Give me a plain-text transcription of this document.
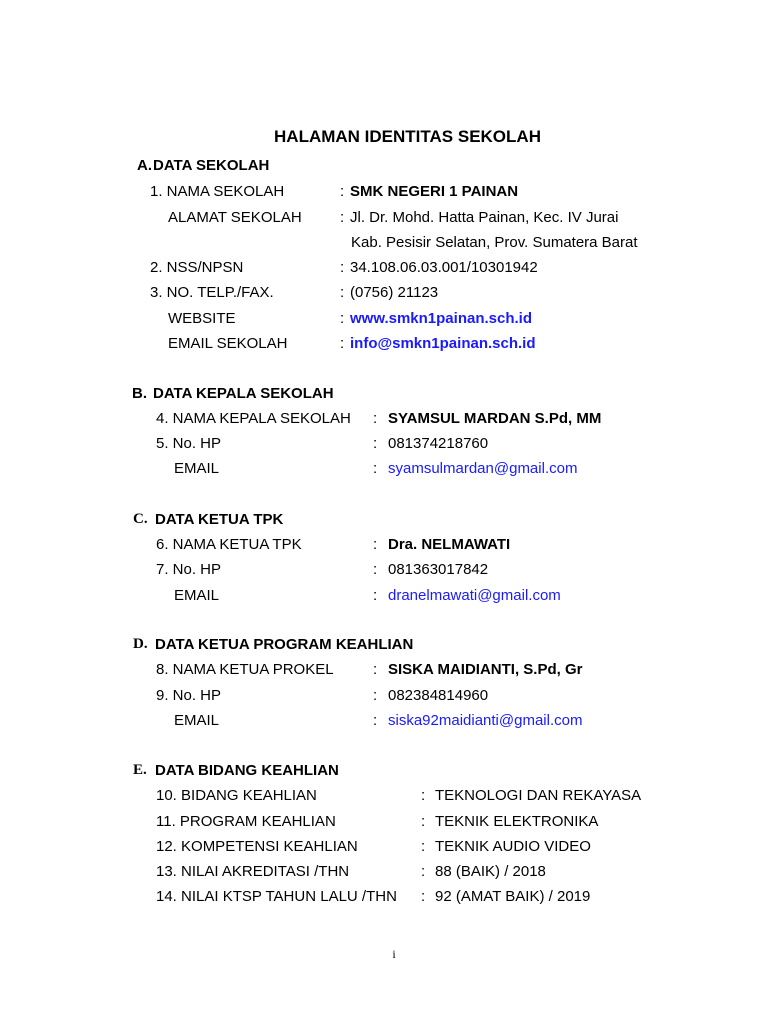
HALAMAN IDENTITAS SEKOLAH
A. DATA SEKOLAH
1. NAMA SEKOLAH	: SMK NEGERI 1 PAINAN
ALAMAT SEKOLAH	: Jl. Dr. Mohd. Hatta Painan, Kec. IV Jurai
Kab. Pesisir Selatan, Prov. Sumatera Barat
2. NSS/NPSN	: 34.108.06.03.001/10301942
3. NO. TELP./FAX.	: (0756) 21123
WEBSITE	: www.smkn1painan.sch.id
EMAIL SEKOLAH	: info@smkn1painan.sch.id
B. DATA KEPALA SEKOLAH
4. NAMA KEPALA SEKOLAH : SYAMSUL MARDAN S.Pd, MM
5. No. HP	: 081374218760
EMAIL	: syamsulmardan@gmail.com
C. DATA KETUA TPK
6. NAMA KETUA TPK	: Dra. NELMAWATI
7. No. HP	: 081363017842
EMAIL	: dranelmawati@gmail.com
D. DATA KETUA PROGRAM KEAHLIAN
8. NAMA KETUA PROKEL	: SISKA MAIDIANTI, S.Pd, Gr
9. No. HP	: 082384814960
EMAIL	: siska92maidianti@gmail.com
E. DATA BIDANG KEAHLIAN
10. BIDANG KEAHLIAN	: TEKNOLOGI DAN REKAYASA
11. PROGRAM KEAHLIAN	: TEKNIK ELEKTRONIKA
12. KOMPETENSI KEAHLIAN	: TEKNIK AUDIO VIDEO
13. NILAI AKREDITASI /THN	: 88 (BAIK) / 2018
14. NILAI KTSP TAHUN LALU /THN : 92 (AMAT BAIK) / 2019
i
